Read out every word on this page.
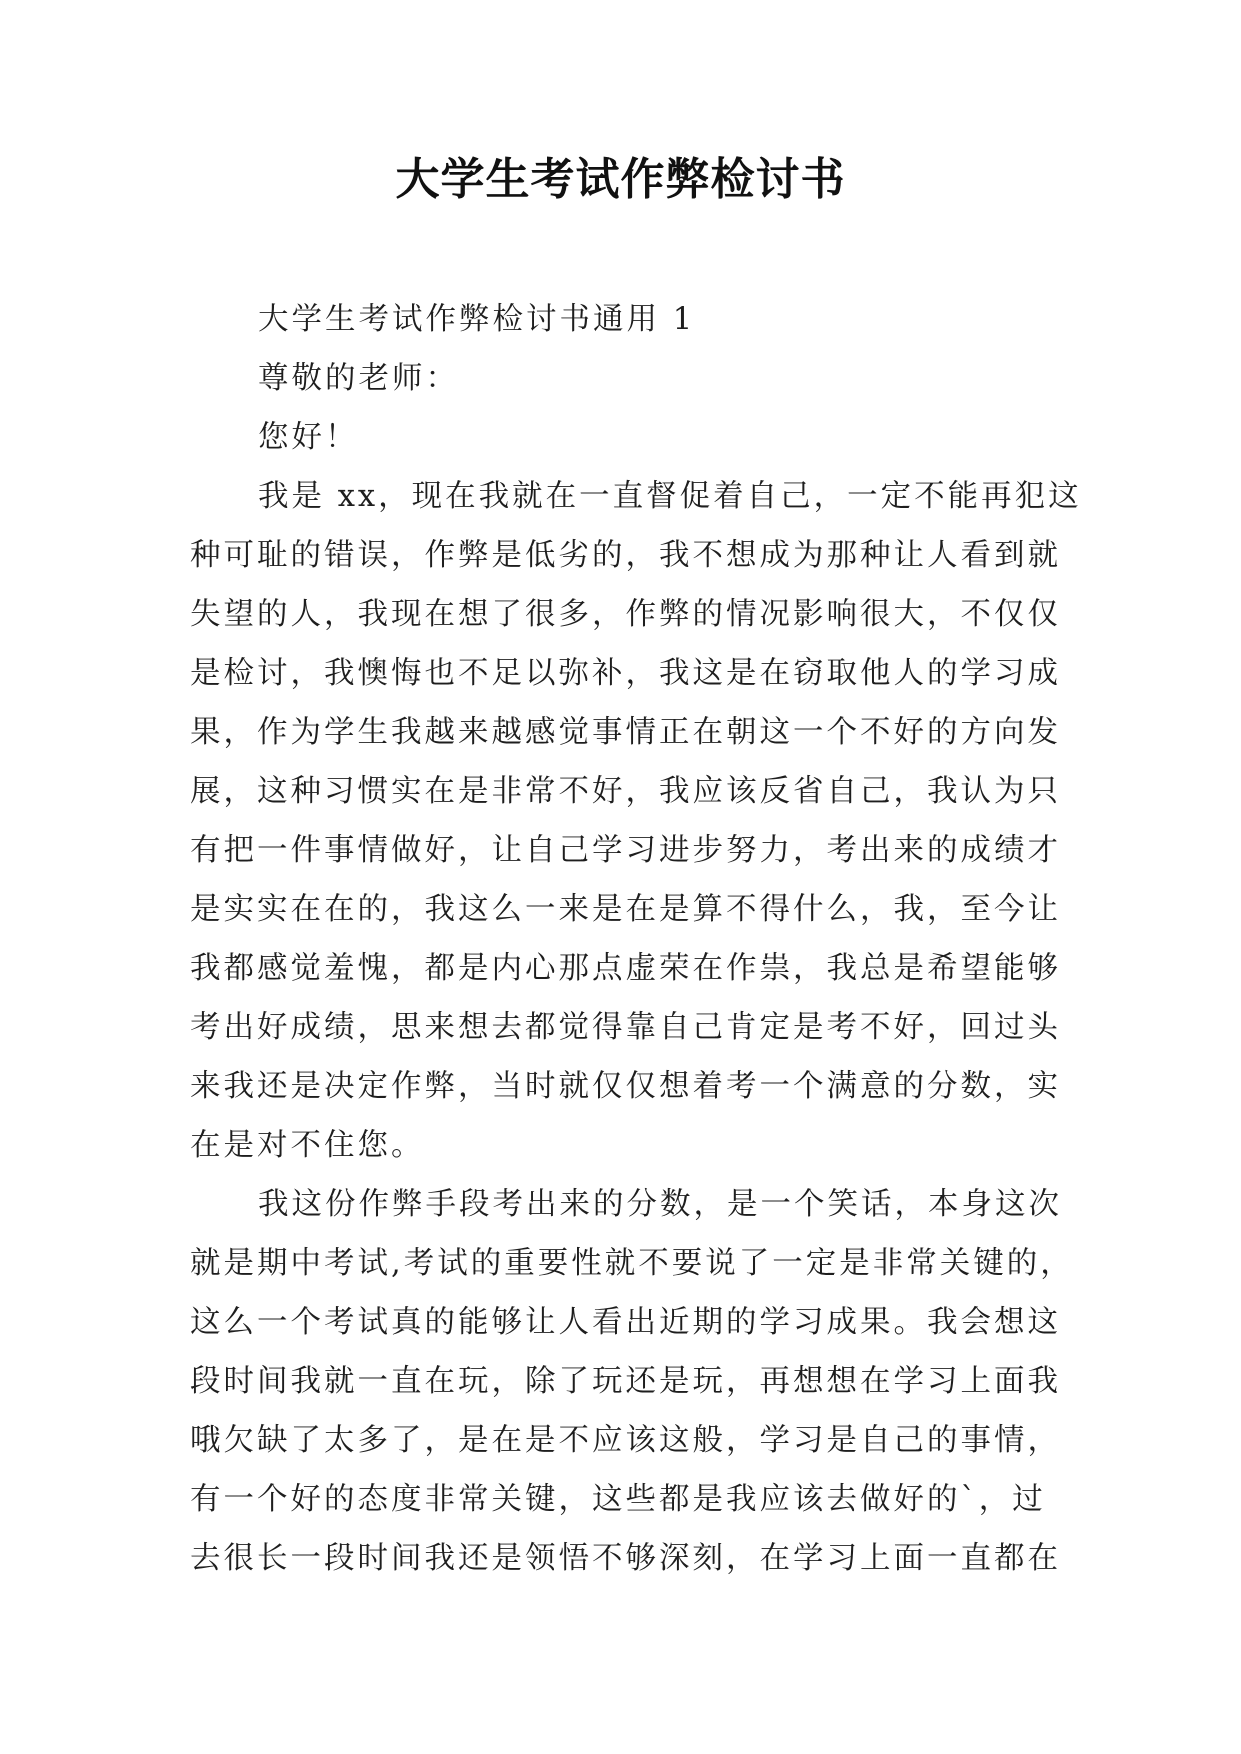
大学生考试作弊检讨书
大学生考试作弊检讨书通用 1
尊敬的老师：
您好！
我是 xx，现在我就在一直督促着自己，一定不能再犯这
种可耻的错误，作弊是低劣的，我不想成为那种让人看到就
失望的人，我现在想了很多，作弊的情况影响很大，不仅仅
是检讨，我懊悔也不足以弥补，我这是在窃取他人的学习成
果，作为学生我越来越感觉事情正在朝这一个不好的方向发
展，这种习惯实在是非常不好，我应该反省自己，我认为只
有把一件事情做好，让自己学习进步努力，考出来的成绩才
是实实在在的，我这么一来是在是算不得什么，我，至今让
我都感觉羞愧，都是内心那点虚荣在作祟，我总是希望能够
考出好成绩，思来想去都觉得靠自己肯定是考不好，回过头
来我还是决定作弊，当时就仅仅想着考一个满意的分数，实
在是对不住您。
我这份作弊手段考出来的分数，是一个笑话，本身这次
就是期中考试,考试的重要性就不要说了一定是非常关键的，
这么一个考试真的能够让人看出近期的学习成果。我会想这
段时间我就一直在玩，除了玩还是玩，再想想在学习上面我
哦欠缺了太多了，是在是不应该这般，学习是自己的事情，
有一个好的态度非常关键，这些都是我应该去做好的`，过
去很长一段时间我还是领悟不够深刻，在学习上面一直都在
